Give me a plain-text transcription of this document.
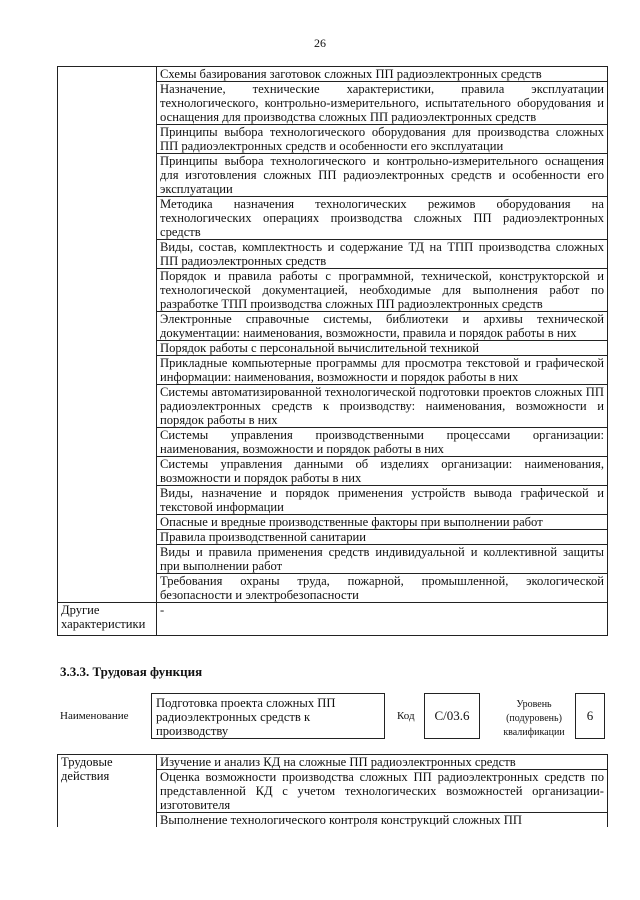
26
	Схемы базирования заготовок сложных ПП радиоэлектронных средств
	Назначение, технические характеристики, правила эксплуатации технологического, контрольно-измерительного, испытательного оборудования и оснащения для производства сложных ПП радиоэлектронных средств
	Принципы выбора технологического оборудования для производства сложных ПП радиоэлектронных средств и особенности его эксплуатации
	Принципы выбора технологического и контрольно-измерительного оснащения для изготовления сложных ПП радиоэлектронных средств и особенности его эксплуатации
	Методика назначения технологических режимов оборудования на технологических операциях производства сложных ПП радиоэлектронных средств
	Виды, состав, комплектность и содержание ТД на ТПП производства сложных ПП радиоэлектронных средств
	Порядок и правила работы с программной, технической, конструкторской и технологической документацией, необходимые для выполнения работ по разработке ТПП производства сложных ПП радиоэлектронных средств
	Электронные справочные системы, библиотеки и архивы технической документации: наименования, возможности, правила и порядок работы в них
	Порядок работы с персональной вычислительной техникой
	Прикладные компьютерные программы для просмотра текстовой и графической информации: наименования, возможности и порядок работы в них
	Системы автоматизированной технологической подготовки проектов сложных ПП радиоэлектронных средств к производству: наименования, возможности и порядок работы в них
	Системы управления производственными процессами организации: наименования, возможности и порядок работы в них
	Системы управления данными об изделиях организации: наименования, возможности и порядок работы в них
	Виды, назначение и порядок применения устройств вывода графической и текстовой информации
	Опасные и вредные производственные факторы при выполнении работ
	Правила производственной санитарии
	Виды и правила применения средств индивидуальной и коллективной защиты при выполнении работ
	Требования охраны труда, пожарной, промышленной, экологической безопасности и электробезопасности
Другие характеристики	-
3.3.3. Трудовая функция
Наименование
Подготовка проекта сложных ПП радиоэлектронных средств к производству
Код	C/03.6
Уровень (подуровень) квалификации
6
Трудовые действия	Изучение и анализ КД на сложные ПП радиоэлектронных средств
Оценка возможности производства сложных ПП радиоэлектронных средств по представленной КД с учетом технологических возможностей организации-изготовителя
Выполнение технологического контроля конструкций сложных ПП
